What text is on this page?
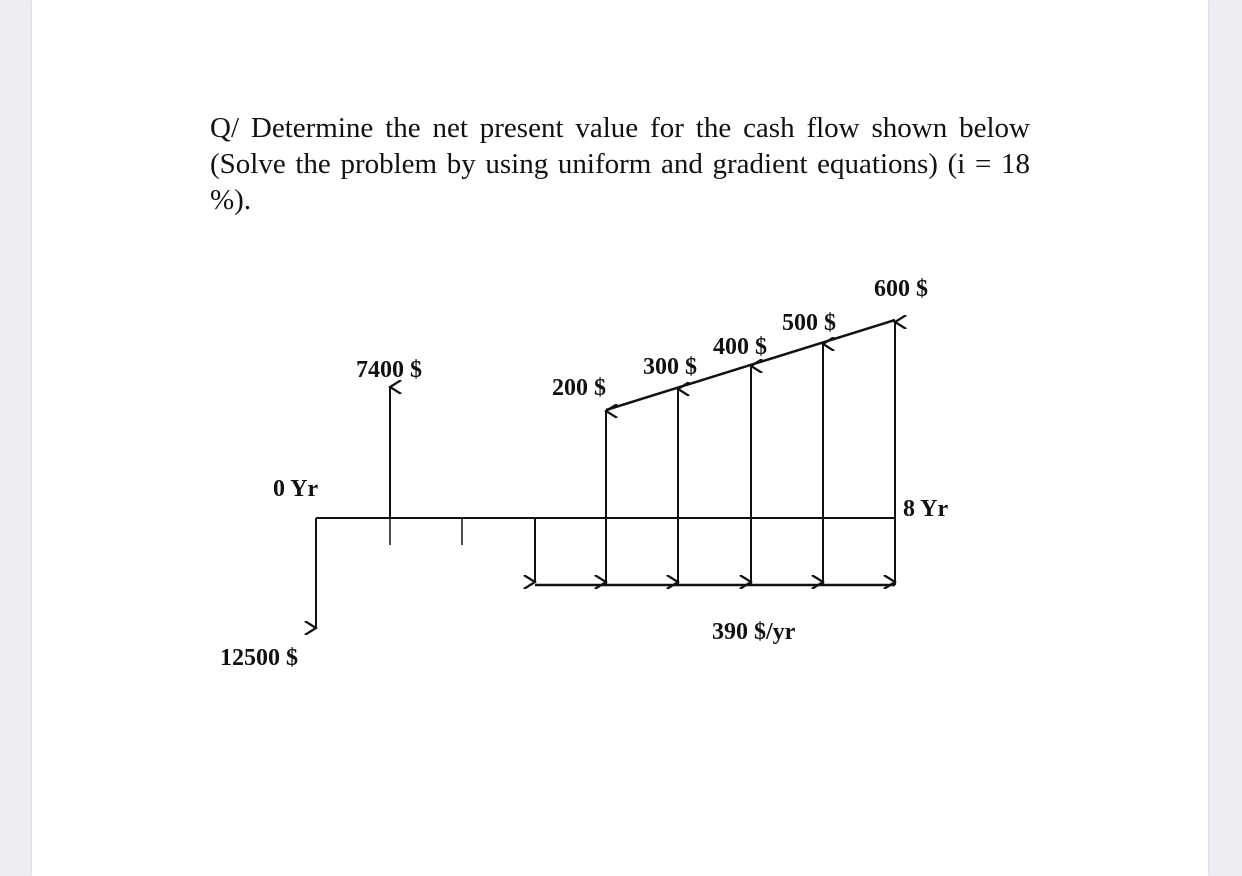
Q/ Determine the net present value for the cash flow shown below (Solve the problem by using uniform and gradient equations) (i = 18 %).
0 Yr
8 Yr
12500 $
7400 $
200 $
300 $
400 $
500 $
600 $
390 $/yr
